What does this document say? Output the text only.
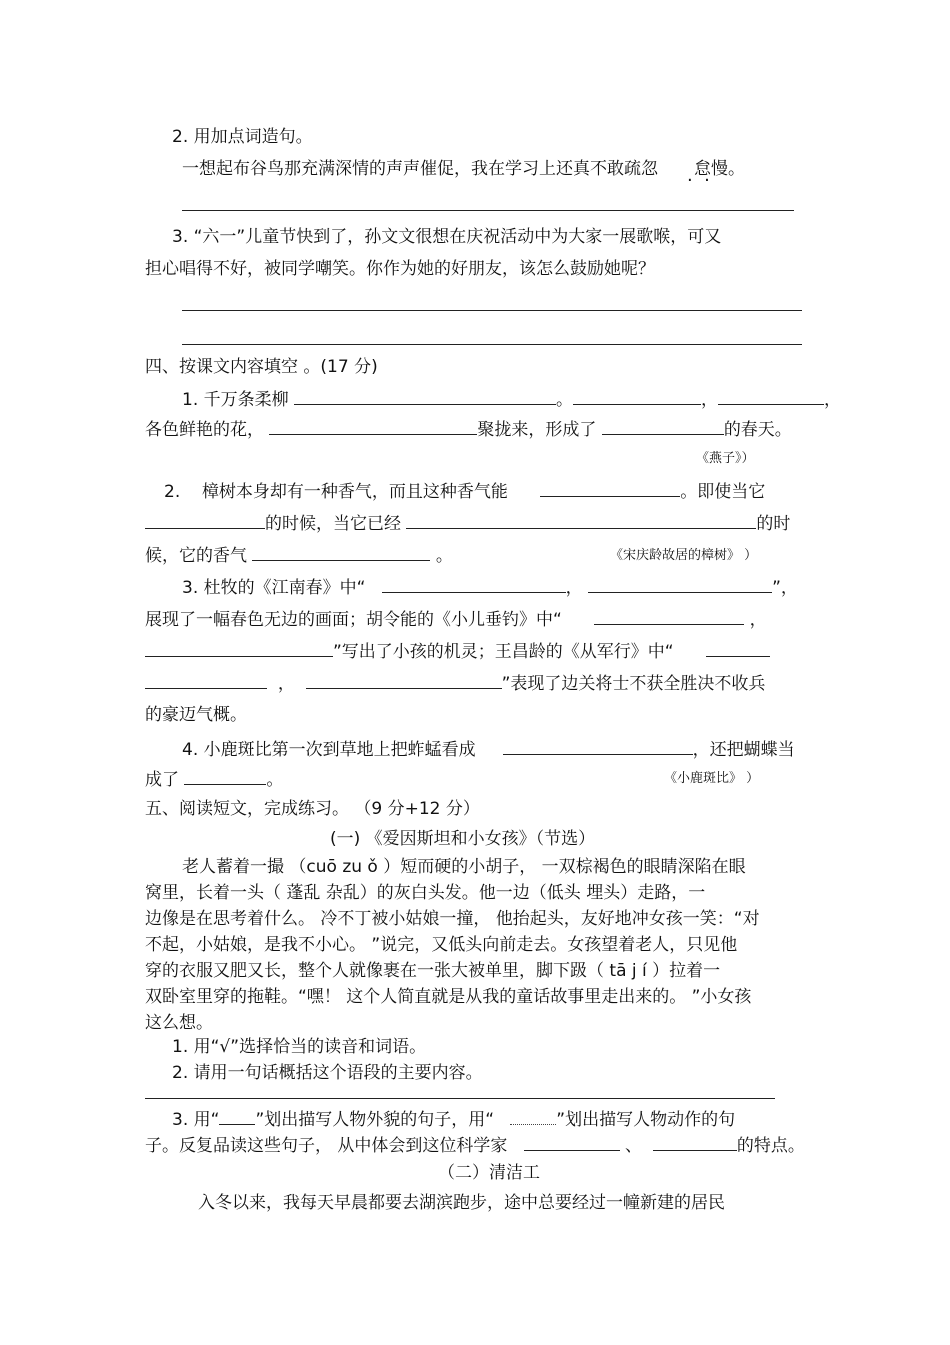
2. 用加点词造句。
一想起布谷鸟那充满深情的声声催促，我在学习上还真不敢疏忽 怠慢。
·  ·
3. “六一”儿童节快到了，孙文文很想在庆祝活动中为大家一展歌喉，可又
担心唱得不好，被同学嘲笑。你作为她的好朋友，该怎么鼓励她呢？
四、按课文内容填空 。(17 分)
1. 千万条柔柳	。	，	，
各色鲜艳的花，	聚拢来，形成了	的春天。
《燕子》）
2. 樟树本身却有一种香气，而且这种香气能	。即使当它
的时候，当它已经	的时
候，它的香气	。	《宋庆龄故居的樟树》 ）
3. 杜牧的《江南春》中“	，	”，
展现了一幅春色无边的画面；胡令能的《小儿垂钓》中“	，
”写出了小孩的机灵；王昌龄的《从军行》中“
，	”表现了边关将士不获全胜决不收兵
的豪迈气概。
4. 小鹿斑比第一次到草地上把蚱蜢看成	，还把蝴蝶当
成了	。	《小鹿斑比》 ）
五、阅读短文，完成练习。 （9 分+12 分）
(一) 《爱因斯坦和小女孩》（节选）
老人蓄着一撮 （cuō zu ǒ ）短而硬的小胡子， 一双棕褐色的眼睛深陷在眼
窝里，长着一头（ 蓬乱 杂乱）的灰白头发。他一边（低头 埋头）走路，一
边像是在思考着什么。 冷不丁被小姑娘一撞， 他抬起头，友好地冲女孩一笑：“对
不起，小姑娘，是我不小心。 ”说完，又低头向前走去。女孩望着老人，只见他
穿的衣服又肥又长，整个人就像裹在一张大被单里，脚下趿（ tā j í ）拉着一
双卧室里穿的拖鞋。“嘿！ 这个人简直就是从我的童话故事里走出来的。 ”小女孩
这么想。
1. 用“√”选择恰当的读音和词语。
2. 请用一句话概括这个语段的主要内容。
3. 用“ ”划出描写人物外貌的句子，用“	”划出描写人物动作的句
子。反复品读这些句子， 从中体会到这位科学家	、	的特点。
（二）清洁工
入冬以来，我每天早晨都要去湖滨跑步，途中总要经过一幢新建的居民
